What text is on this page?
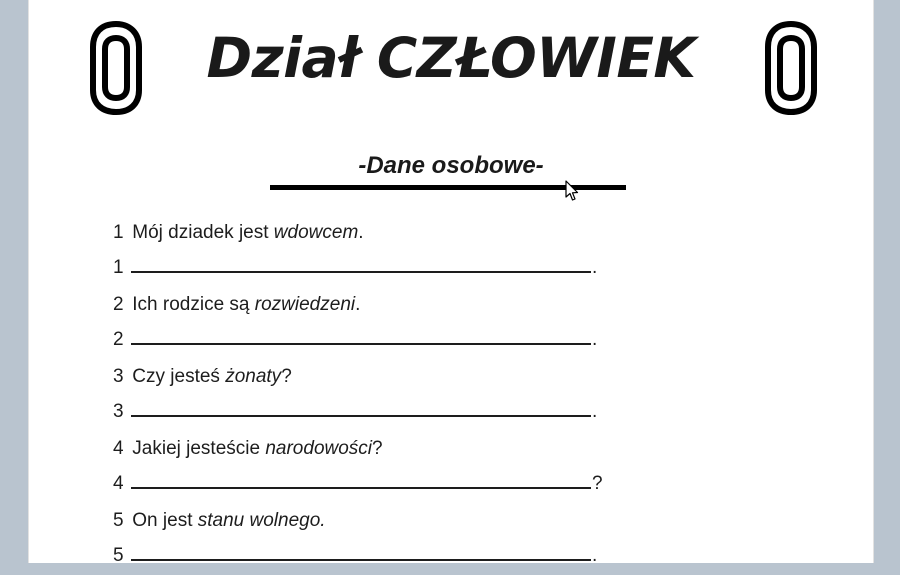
Dział CZŁOWIEK
-Dane osobowe-
1 Mój dziadek jest wdowcem.
1	.
2 Ich rodzice są rozwiedzeni.
2	.
3 Czy jesteś żonaty?
3	.
4 Jakiej jesteście narodowości?
4	?
5 On jest stanu wolnego.
5	.
